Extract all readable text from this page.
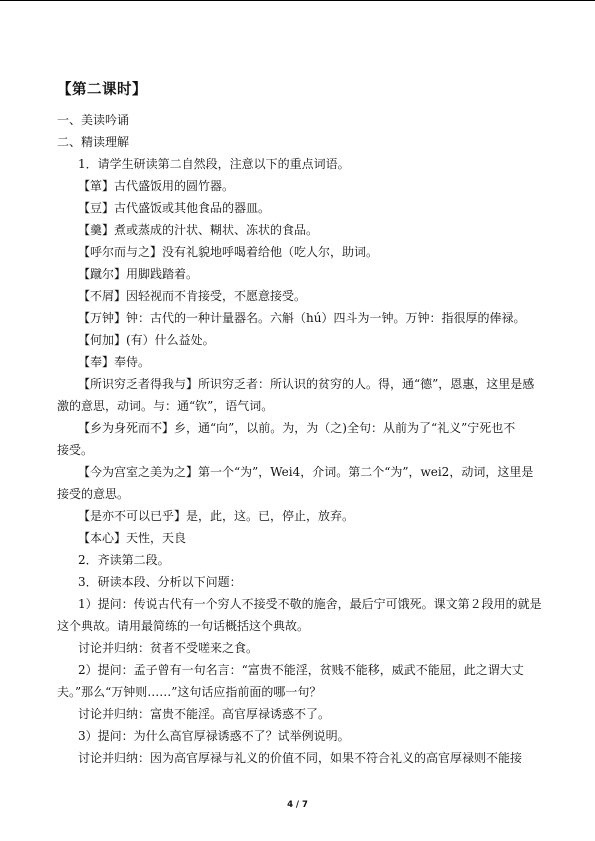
【第二课时】
一、美读吟诵
二、精读理解
1．请学生研读第二自然段，注意以下的重点词语。
【箪】古代盛饭用的圆竹器。
【豆】古代盛饭或其他食品的器皿。
【羹】煮或蒸成的汁状、糊状、冻状的食品。
【呼尔而与之】没有礼貌地呼喝着给他（吃人尔，助词。
【蹴尔】用脚践踏着。
【不屑】因轻视而不肯接受，不愿意接受。
【万钟】钟：古代的一种计量器名。六斛（hú）四斗为一钟。万钟：指很厚的俸禄。
【何加】(有）什么益处。
【奉】奉侍。
【所识穷乏者得我与】所识穷乏者：所认识的贫穷的人。得，通“德”，恩惠，这里是感
激的意思，动词。与：通“钦”，语气词。
【乡为身死而不】乡，通“向”，以前。为，为（之)全句：从前为了“礼义”宁死也不
接受。
【今为宫室之美为之】第一个“为”，Wei4，介词。第二个“为”，wei2，动词，这里是
接受的意思。
【是亦不可以已乎】是，此，这。已，停止，放弃。
【本心】天性，天良
2．齐读第二段。
3．研读本段、分析以下问题：
1）提问：传说古代有一个穷人不接受不敬的施舍，最后宁可饿死。课文第２段用的就是
这个典故。请用最简练的一句话概括这个典故。
讨论并归纳：贫者不受嗟来之食。
2）提问：孟子曾有一句名言：“富贵不能淫，贫贱不能移，威武不能屈，此之谓大丈
夫。”那么“万钟则……”这句话应指前面的哪一句？
讨论并归纳：富贵不能淫。高官厚禄诱惑不了。
3）提问：为什么高官厚禄诱惑不了？试举例说明。
讨论并归纳：因为高官厚禄与礼义的价值不同，如果不符合礼义的高官厚禄则不能接
4 / 7
